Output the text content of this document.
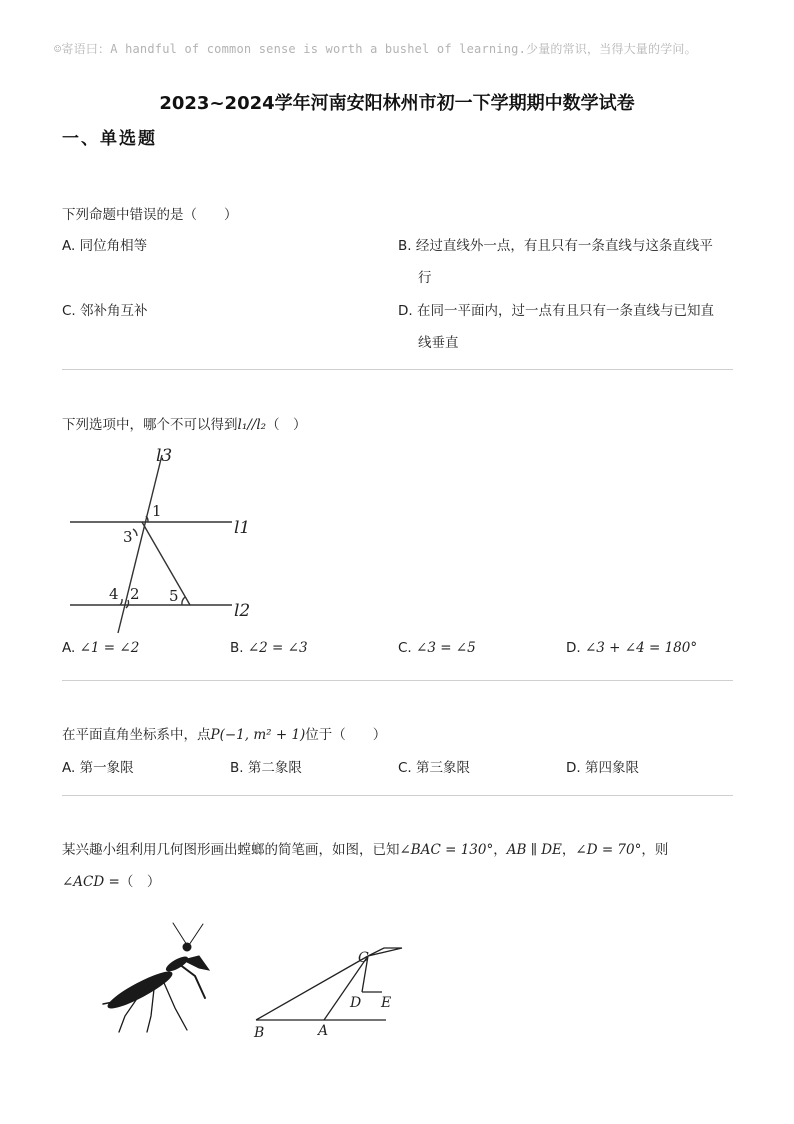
☺寄语曰：A handful of common sense is worth a bushel of learning.少量的常识，当得大量的学问。
2023~2024学年河南安阳林州市初一下学期期中数学试卷
一、单选题
下列命题中错误的是（　　）
A. 同位角相等	B. 经过直线外一点，有且只有一条直线与这条直线平
行
C. 邻补角互补	D. 在同一平面内，过一点有且只有一条直线与已知直
线垂直
下列选项中，哪个不可以得到l₁//l₂（　）
l3
l1
l2
1
3
4 2 5
A. ∠1 = ∠2	B. ∠2 = ∠3	C. ∠3 = ∠5	D. ∠3 + ∠4 = 180°
在平面直角坐标系中，点P(−1, m² + 1)位于（　　）
A. 第一象限	B. 第二象限	C. 第三象限	D. 第四象限
某兴趣小组利用几何图形画出螳螂的简笔画，如图，已知∠BAC = 130°，AB ∥ DE，∠D = 70°，则
∠ACD =（　）
B	A
C
D E
